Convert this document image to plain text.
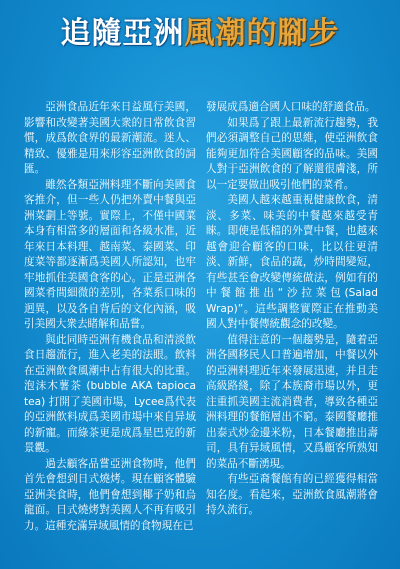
追隨亞洲 風潮的腳步

亞洲食品近年來日益風行美國，影響和改變著美國大衆的日常飲食習慣，成爲飲食界的最新潮流。迷人、精致、優雅是用來形容亞洲飲食的詞匯。

雖然各類亞洲料理不斷向美國食客推介，但一些人仍把外賣中餐與亞洲菜劃上等號。實際上，不僅中國菜本身有相當多的層面和各級水准，近年來日本料理、越南菜、泰國菜、印度菜等都逐漸爲美國人所認知，也牢牢地抓住美國食客的心。正是亞洲各國菜肴間細微的差別，各菜系口味的迥異，以及各自背后的文化內涵，吸引美國大衆去睹解和品嘗。

與此同時亞洲有機食品和清淡飲食日趨流行，進入老美的法眼。飲料在亞洲飲食風潮中占有很大的比重。泡沫木薯茶 (bubble AKA tapioca tea) 打開了美國市場，Lycee爲代表的亞洲飲料成爲美國市場中來自异域的新寵。而綠茶更是成爲星巴克的新景觀。

過去顧客品嘗亞洲食物時，他們首先會想到日式燒烤。現在顧客體驗亞洲美食時，他們會想到椰子奶和烏龍面。日式燒烤對美國人不再有吸引力。這種充滿异域風情的食物現在已

發展成爲適合國人口味的舒適食品。

如果爲了跟上最新流行趨勢，我們必須調整自己的思維，使亞洲飲食能夠更加符合美國顧客的品味。美國人對于亞洲飲食的了解還很膚淺，所以一定要做出吸引他們的菜肴。

美國人越來越重視健康飲食，清淡、多菜、味美的中餐越來越受青睞。即使是低檔的外賣中餐，也越來越會迎合顧客的口味，比以往更清淡、新鮮，食品的蔬，炒時間變短，有些甚至會改變傳統做法，例如有的中餐館推出“沙拉菜包(Salad Wrap)”。這些調整實際正在推動美國人對中餐傳統觀念的改變。

值得注意的一個趨勢是，隨着亞洲各國移民人口普遍增加，中餐以外的亞洲料理近年來發展迅速，并且走高級路綫，除了本族裔市場以外，更注重抓美國主流消費者，導致各種亞洲料理的餐館層出不窮。泰國餐廳推出泰式炒金邊米粉，日本餐廳推出壽司，具有异域風情，又爲顧客所熟知的菜品不斷湧現。

有些亞裔餐館有的已經獲得相當知名度。看起來，亞洲飲食風潮將會持久流行。
